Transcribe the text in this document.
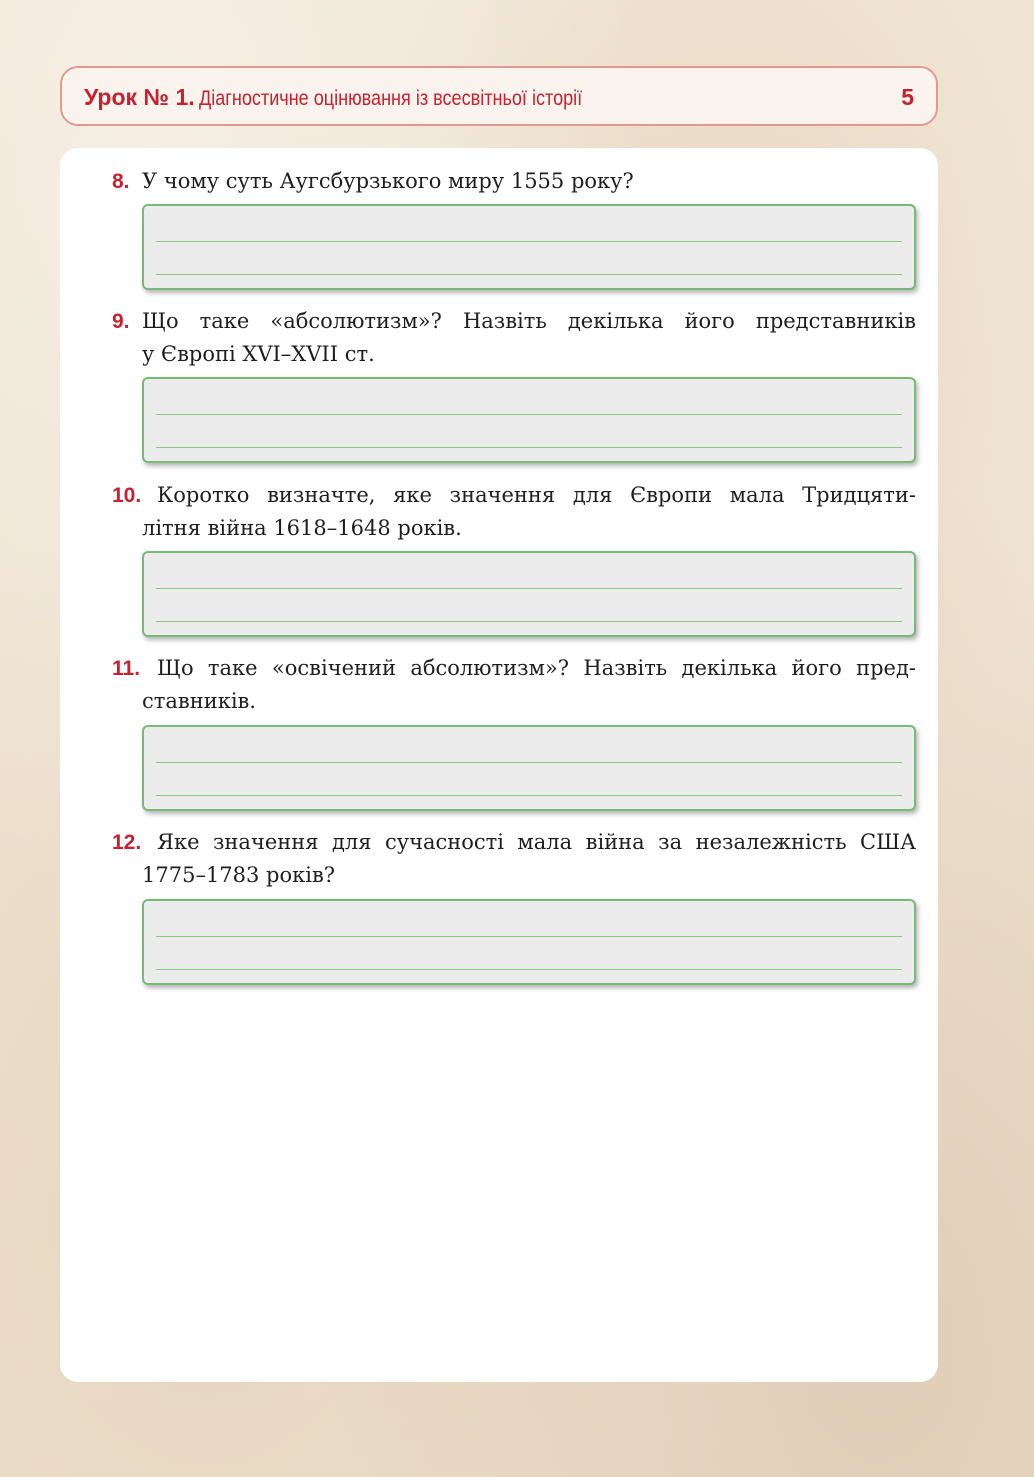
Урок № 1. Діагностичне оцінювання із всесвітньої історії	5
8. У чому суть Аугсбурзького миру 1555 року?
9. Що таке «абсолютизм»? Назвіть декілька його представників
у Європі XVI–XVII ст.
10. Коротко визначте, яке значення для Європи мала Тридцяти-
літня війна 1618–1648 років.
11. Що таке «освічений абсолютизм»? Назвіть декілька його пред-
ставників.
12. Яке значення для сучасності мала війна за незалежність США
1775–1783 років?
